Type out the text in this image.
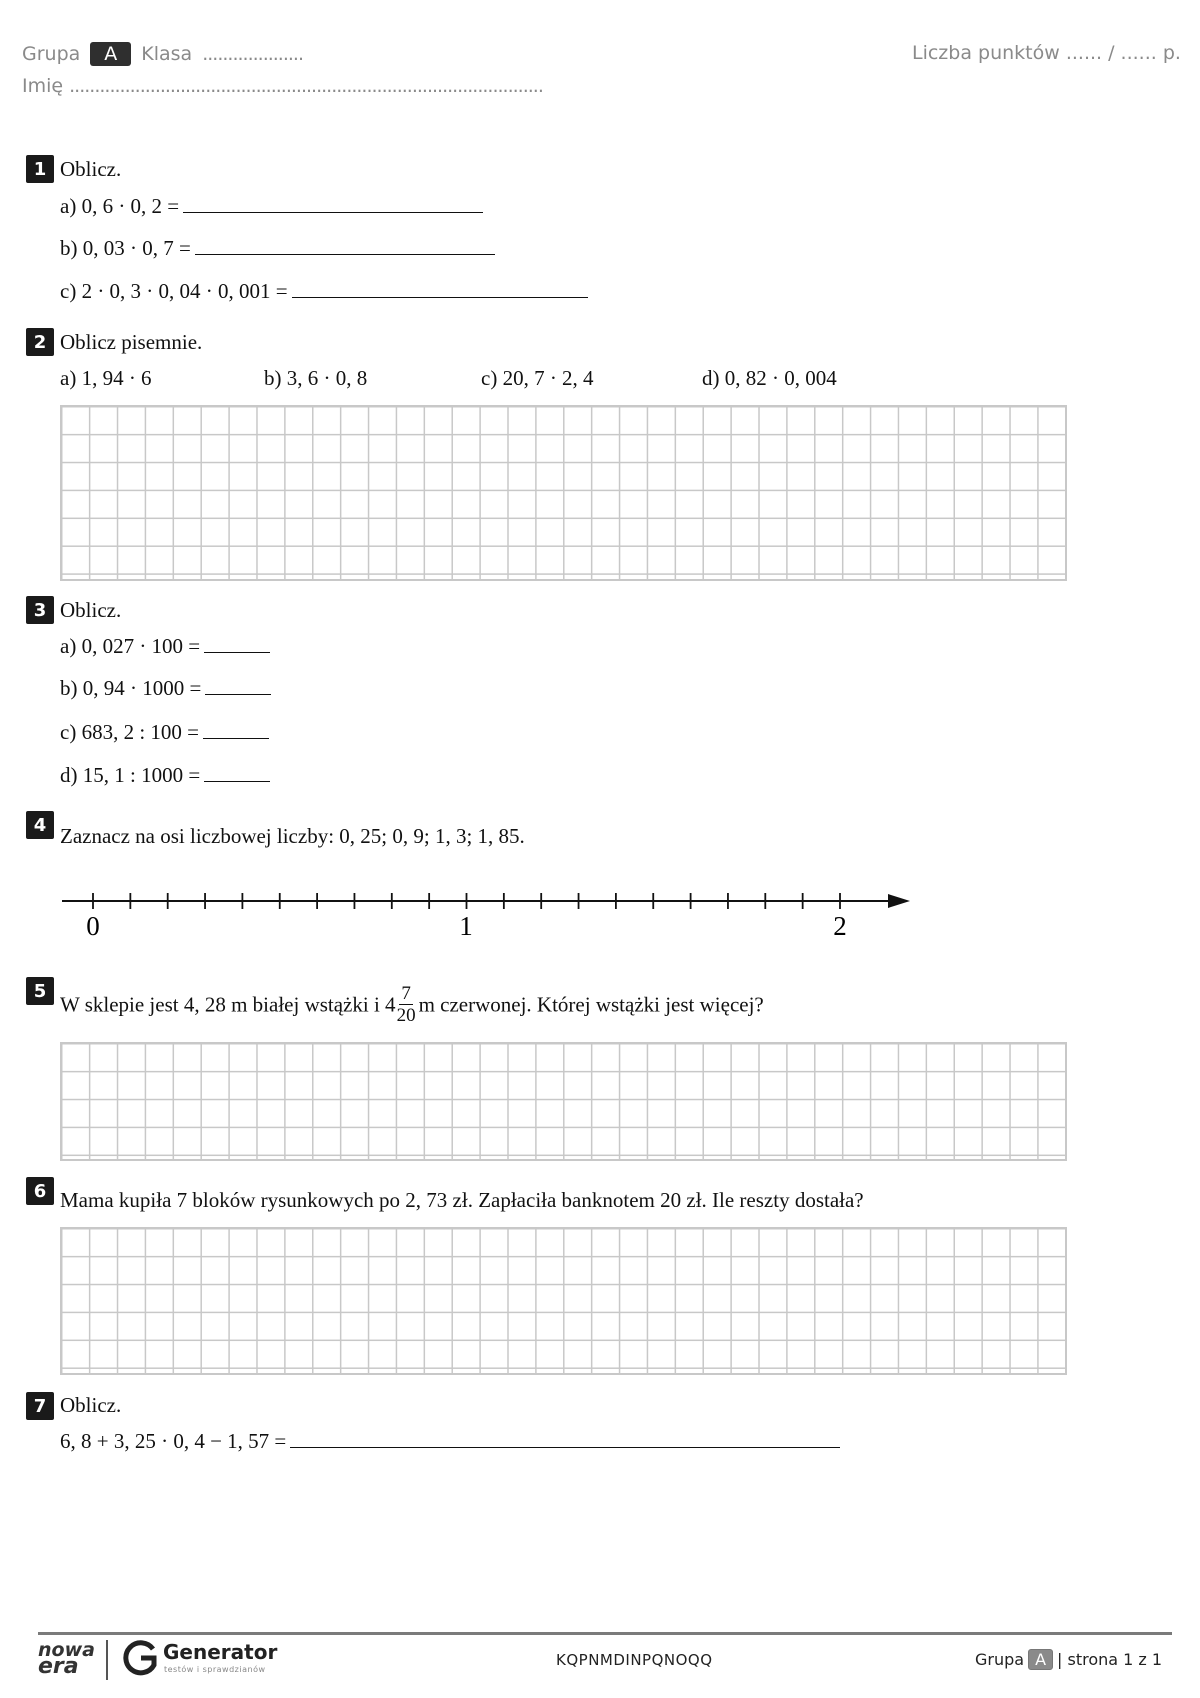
Grupa	A	Klasa ....................
Imię ..............................................................................................
Liczba punktów ...... / ...... p.
1 Oblicz.
a) 0, 6 · 0, 2 =
b) 0, 03 · 0, 7 =
c) 2 · 0, 3 · 0, 04 · 0, 001 =
2 Oblicz pisemnie.
a) 1, 94 · 6	b) 3, 6 · 0, 8	c) 20, 7 · 2, 4	d) 0, 82 · 0, 004
3 Oblicz.
a) 0, 027 · 100 =
b) 0, 94 · 1000 =
c) 683, 2 : 100 =
d) 15, 1 : 1000 =
4 Zaznacz na osi liczbowej liczby: 0, 25; 0, 9; 1, 3; 1, 85.
0	1	2
5
W sklepie jest 4, 28 m białej wstążki i $4 \frac{7}{20}$ m czerwonej. Której wstążki jest więcej?
6 Mama kupiła 7 bloków rysunkowych po 2, 73 zł. Zapłaciła banknotem 20 zł. Ile reszty dostała?
7 Oblicz.
6, 8 + 3, 25 · 0, 4 − 1, 57 =
nowa
era
Generator
testów i sprawdzianów
KQPNMDINPQNOQQ	Grupa A | strona 1 z 1
